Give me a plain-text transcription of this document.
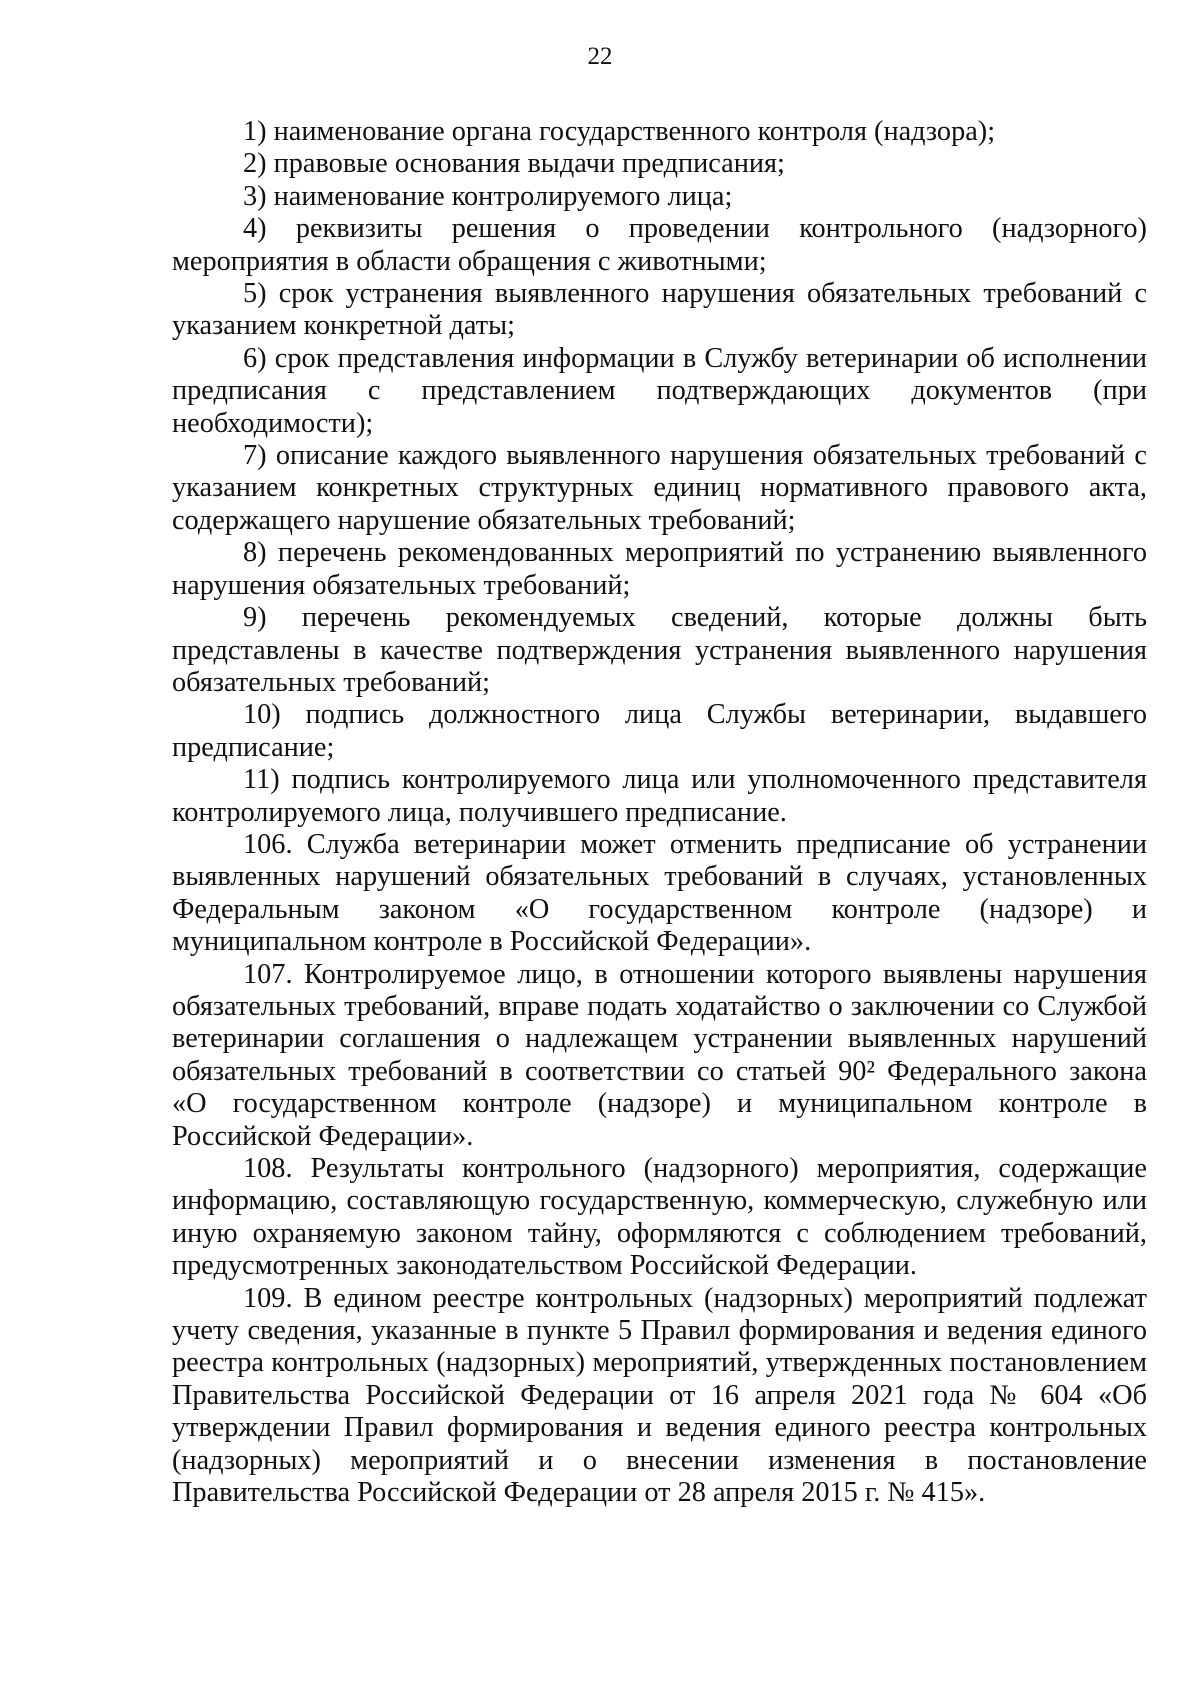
22

1) наименование органа государственного контроля (надзора);

2) правовые основания выдачи предписания;

3) наименование контролируемого лица;

4) реквизиты решения о проведении контрольного (надзорного) мероприятия в области обращения с животными;

5) срок устранения выявленного нарушения обязательных требований с указанием конкретной даты;

6) срок представления информации в Службу ветеринарии об исполнении предписания с представлением подтверждающих документов (при необходимости);

7) описание каждого выявленного нарушения обязательных требований с указанием конкретных структурных единиц нормативного правового акта, содержащего нарушение обязательных требований;

8) перечень рекомендованных мероприятий по устранению выявленного нарушения обязательных требований;

9) перечень рекомендуемых сведений, которые должны быть представлены в качестве подтверждения устранения выявленного нарушения обязательных требований;

10) подпись должностного лица Службы ветеринарии, выдавшего предписание;

11) подпись контролируемого лица или уполномоченного представителя контролируемого лица, получившего предписание.

106. Служба ветеринарии может отменить предписание об устранении выявленных нарушений обязательных требований в случаях, установленных Федеральным законом «О государственном контроле (надзоре) и муниципальном контроле в Российской Федерации».

107. Контролируемое лицо, в отношении которого выявлены нарушения обязательных требований, вправе подать ходатайство о заключении со Службой ветеринарии соглашения о надлежащем устранении выявленных нарушений обязательных требований в соответствии со статьей 90² Федерального закона «О государственном контроле (надзоре) и муниципальном контроле в Российской Федерации».

108. Результаты контрольного (надзорного) мероприятия, содержащие информацию, составляющую государственную, коммерческую, служебную или иную охраняемую законом тайну, оформляются с соблюдением требований, предусмотренных законодательством Российской Федерации.

109. В едином реестре контрольных (надзорных) мероприятий подлежат учету сведения, указанные в пункте 5 Правил формирования и ведения единого реестра контрольных (надзорных) мероприятий, утвержденных постановлением Правительства Российской Федерации от 16 апреля 2021 года № 604 «Об утверждении Правил формирования и ведения единого реестра контрольных (надзорных) мероприятий и о внесении изменения в постановление Правительства Российской Федерации от 28 апреля 2015 г. № 415».
